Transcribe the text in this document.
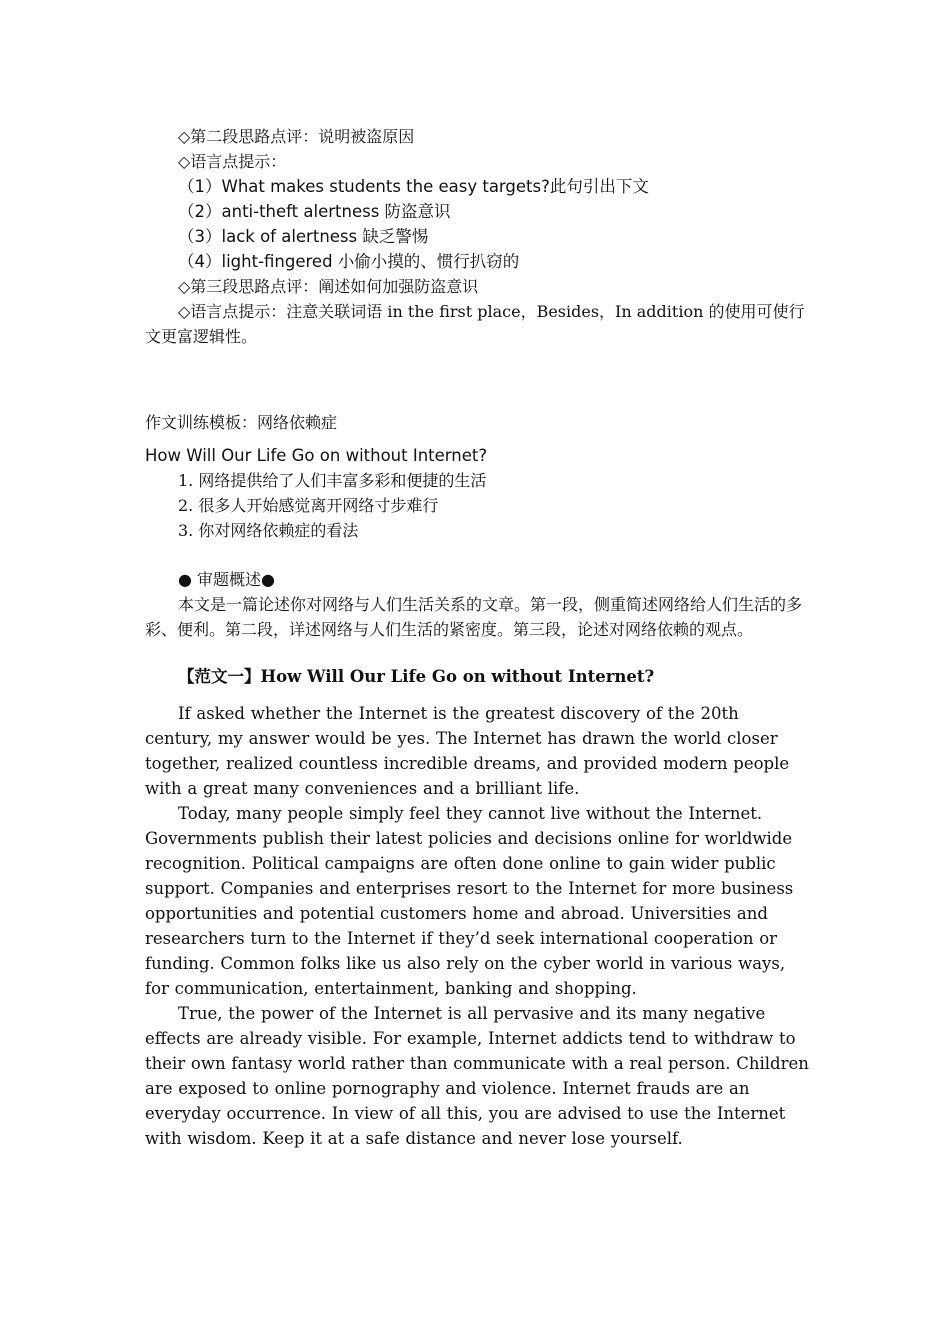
◇第二段思路点评：说明被盗原因
◇语言点提示：
（1）What makes students the easy targets?此句引出下文
（2）anti-theft alertness 防盗意识
（3）lack of alertness 缺乏警惕
（4）light-fingered 小偷小摸的、惯行扒窃的
◇第三段思路点评：阐述如何加强防盗意识

◇语言点提示：注意关联词语 in the first place，Besides，In addition 的使用可使行文更富逻辑性。

作文训练模板：网络依赖症
How Will Our Life Go on without Internet?
1. 网络提供给了人们丰富多彩和便捷的生活
2. 很多人开始感觉离开网络寸步难行
3. 你对网络依赖症的看法
● 审题概述●

本文是一篇论述你对网络与人们生活关系的文章。第一段，侧重简述网络给人们生活的多彩、便利。第二段，详述网络与人们生活的紧密度。第三段，论述对网络依赖的观点。

【范文一】How Will Our Life Go on without Internet?

If asked whether the Internet is the greatest discovery of the 20th century, my answer would be yes. The Internet has drawn the world closer together, realized countless incredible dreams, and provided modern people with a great many conveniences and a brilliant life.

Today, many people simply feel they cannot live without the Internet. Governments publish their latest policies and decisions online for worldwide recognition. Political campaigns are often done online to gain wider public support. Companies and enterprises resort to the Internet for more business opportunities and potential customers home and abroad. Universities and researchers turn to the Internet if they’d seek international cooperation or funding. Common folks like us also rely on the cyber world in various ways, for communication, entertainment, banking and shopping.

True, the power of the Internet is all pervasive and its many negative effects are already visible. For example, Internet addicts tend to withdraw to their own fantasy world rather than communicate with a real person. Children are exposed to online pornography and violence. Internet frauds are an everyday occurrence. In view of all this, you are advised to use the Internet with wisdom. Keep it at a safe distance and never lose yourself.
